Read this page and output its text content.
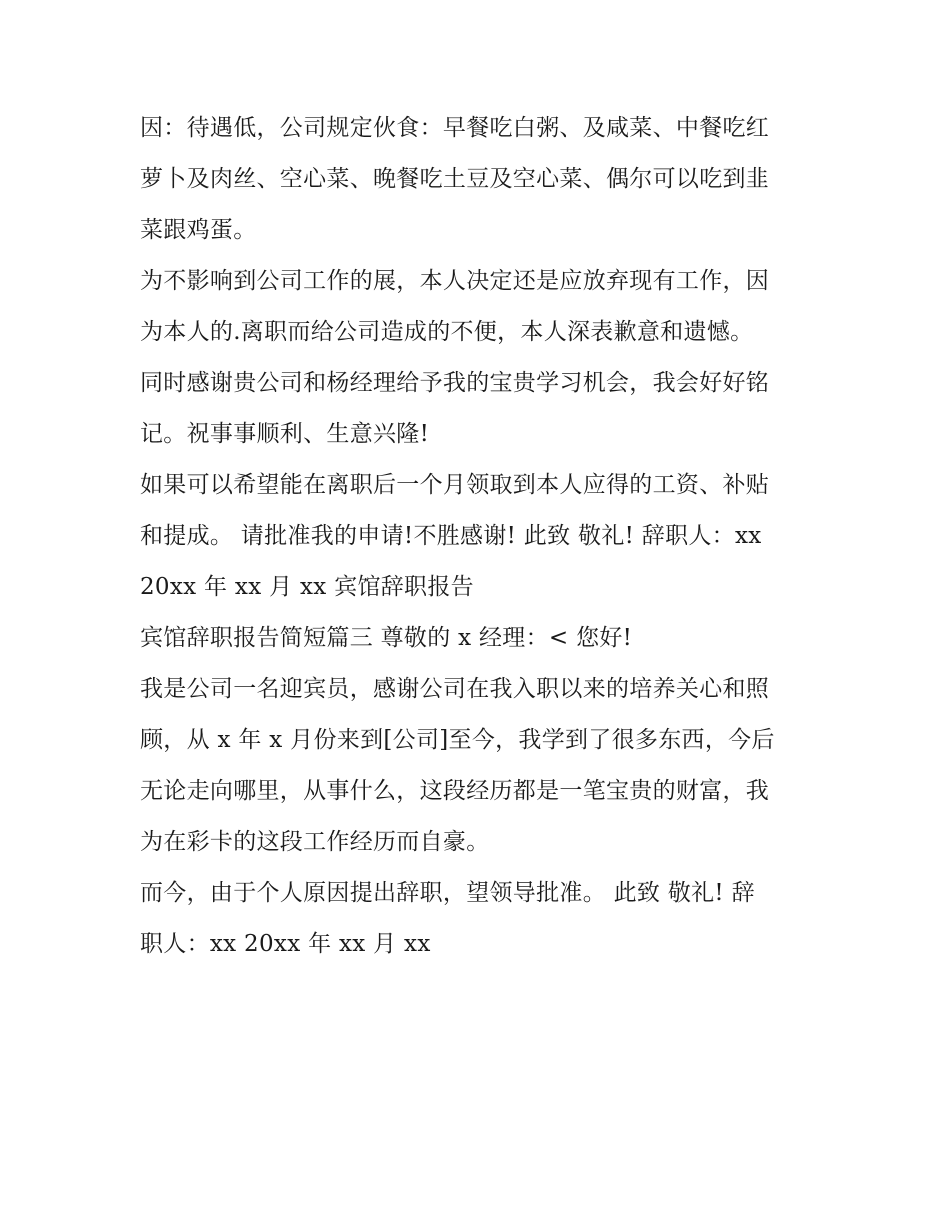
因：待遇低，公司规定伙食：早餐吃白粥、及咸菜、中餐吃红
萝卜及肉丝、空心菜、晚餐吃土豆及空心菜、偶尔可以吃到韭
菜跟鸡蛋。
为不影响到公司工作的展，本人决定还是应放弃现有工作，因
为本人的.离职而给公司造成的不便，本人深表歉意和遗憾。
同时感谢贵公司和杨经理给予我的宝贵学习机会，我会好好铭
记。祝事事顺利、生意兴隆!
如果可以希望能在离职后一个月领取到本人应得的工资、补贴
和提成。 请批准我的申请!不胜感谢! 此致 敬礼! 辞职人：xx
20xx 年 xx 月 xx 宾馆辞职报告
宾馆辞职报告简短篇三 尊敬的 x 经理：< 您好!
我是公司一名迎宾员，感谢公司在我入职以来的培养关心和照
顾，从 x 年 x 月份来到[公司]至今，我学到了很多东西，今后
无论走向哪里，从事什么，这段经历都是一笔宝贵的财富，我
为在彩卡的这段工作经历而自豪。
而今，由于个人原因提出辞职，望领导批准。 此致 敬礼! 辞
职人：xx 20xx 年 xx 月 xx
